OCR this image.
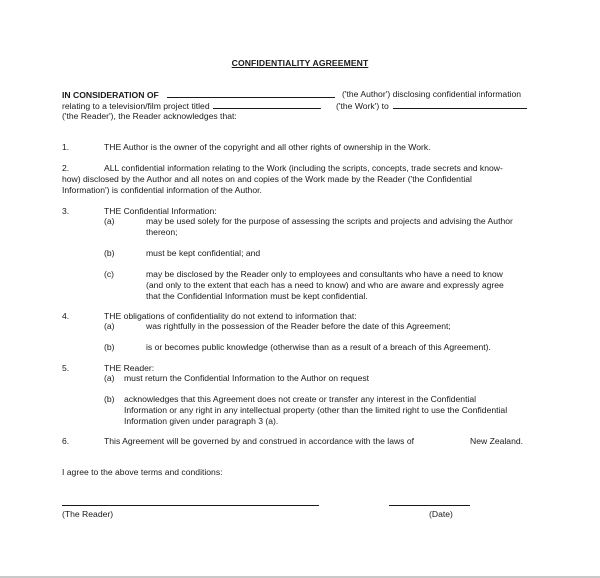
CONFIDENTIALITY AGREEMENT
IN CONSIDERATION OF	('the Author') disclosing confidential information
relating to a television/film project titled	('the Work') to
('the Reader'), the Reader acknowledges that:
1.	THE Author is the owner of the copyright and all other rights of ownership in the Work.
2.	ALL confidential information relating to the Work (including the scripts, concepts, trade secrets and know-
how) disclosed by the Author and all notes on and copies of the Work made by the Reader ('the Confidential
Information') is confidential information of the Author.
3.	THE Confidential Information:
(a)	may be used solely for the purpose of assessing the scripts and projects and advising the Author
thereon;
(b)	must be kept confidential; and
(c)	may be disclosed by the Reader only to employees and consultants who have a need to know
(and only to the extent that each has a need to know) and who are aware and expressly agree
that the Confidential Information must be kept confidential.
4.	THE obligations of confidentiality do not extend to information that:
(a)	was rightfully in the possession of the Reader before the date of this Agreement;
(b)	is or becomes public knowledge (otherwise than as a result of a breach of this Agreement).
5.	THE Reader:
(a) must return the Confidential Information to the Author on request
(b) acknowledges that this Agreement does not create or transfer any interest in the Confidential
Information or any right in any intellectual property (other than the limited right to use the Confidential
Information given under paragraph 3 (a).
6.	This Agreement will be governed by and construed in accordance with the laws of	New Zealand.
I agree to the above terms and conditions:
(The Reader)	(Date)
